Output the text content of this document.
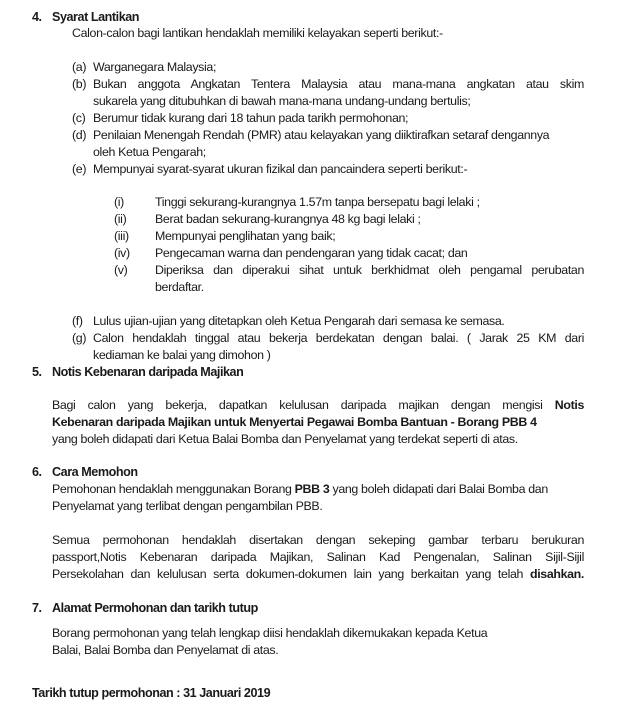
4. Syarat Lantikan
Calon-calon bagi lantikan hendaklah memiliki kelayakan seperti berikut:-
(a) Warganegara Malaysia;
(b) Bukan anggota Angkatan Tentera Malaysia atau mana-mana angkatan atau skim
sukarela yang ditubuhkan di bawah mana-mana undang-undang bertulis;
(c) Berumur tidak kurang dari 18 tahun pada tarikh permohonan;
(d) Penilaian Menengah Rendah (PMR) atau kelayakan yang diiktirafkan setaraf dengannya
oleh Ketua Pengarah;
(e) Mempunyai syarat-syarat ukuran fizikal dan pancaindera seperti berikut:-
(i)	Tinggi sekurang-kurangnya 1.57m tanpa bersepatu bagi lelaki ;
(ii) Berat badan sekurang-kurangnya 48 kg bagi lelaki ;
(iii) Mempunyai penglihatan yang baik;
(iv) Pengecaman warna dan pendengaran yang tidak cacat; dan
(v) Diperiksa dan diperakui sihat untuk berkhidmat oleh pengamal perubatan
berdaftar.
(f) Lulus ujian-ujian yang ditetapkan oleh Ketua Pengarah dari semasa ke semasa.
(g) Calon hendaklah tinggal atau bekerja berdekatan dengan balai. ( Jarak 25 KM dari
kediaman ke balai yang dimohon )
5. Notis Kebenaran daripada Majikan
Bagi calon yang bekerja, dapatkan kelulusan daripada majikan dengan mengisi Notis
Kebenaran daripada Majikan untuk Menyertai Pegawai Bomba Bantuan - Borang PBB 4
yang boleh didapati dari Ketua Balai Bomba dan Penyelamat yang terdekat seperti di atas.
6. Cara Memohon
Pemohonan hendaklah menggunakan Borang PBB 3 yang boleh didapati dari Balai Bomba dan
Penyelamat yang terlibat dengan pengambilan PBB.
Semua permohonan hendaklah disertakan dengan sekeping gambar terbaru berukuran
passport,Notis Kebenaran daripada Majikan, Salinan Kad Pengenalan, Salinan Sijil-Sijil
Persekolahan dan kelulusan serta dokumen-dokumen lain yang berkaitan yang telah disahkan.
7. Alamat Permohonan dan tarikh tutup
Borang permohonan yang telah lengkap diisi hendaklah dikemukakan kepada Ketua
Balai, Balai Bomba dan Penyelamat di atas.
Tarikh tutup permohonan : 31 Januari 2019
